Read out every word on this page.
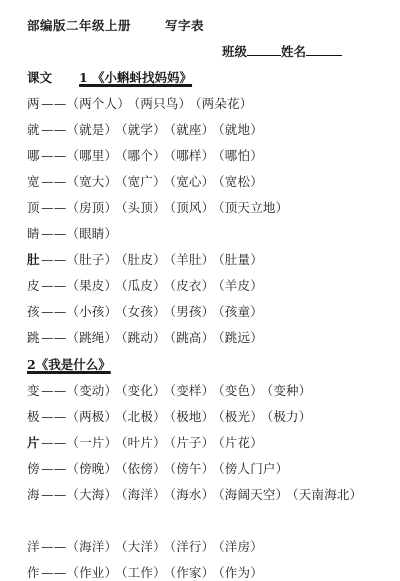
部编版二年级上册	写字表
班级	姓名
课文 1 《小蝌蚪找妈妈》
2《我是什么》
两——（两个人） （两只鸟） （两朵花）
就——（就是） （就学） （就座） （就地）
哪——（哪里） （哪个） （哪样） （哪怕）
宽——（宽大） （宽广） （宽心） （宽松）
顶——（房顶） （头顶） （顶风） （顶天立地）
睛——（眼睛）
肚——（肚子） （肚皮） （羊肚） （肚量）
皮——（果皮） （瓜皮） （皮衣） （羊皮）
孩——（小孩） （女孩） （男孩） （孩童）
跳——（跳绳） （跳动） （跳高） （跳远）
变——（变动） （变化） （变样） （变色） （变种）
极——（两极） （北极） （极地） （极光） （极力）
片——（一片） （叶片） （片子） （片花）
傍——（傍晚） （依傍） （傍午） （傍人门户）
海——（大海） （海洋） （海水） （海阔天空） （天南海北）
洋——（海洋） （大洋） （洋行） （洋房）
作——（作业） （工作） （作家） （作为）
